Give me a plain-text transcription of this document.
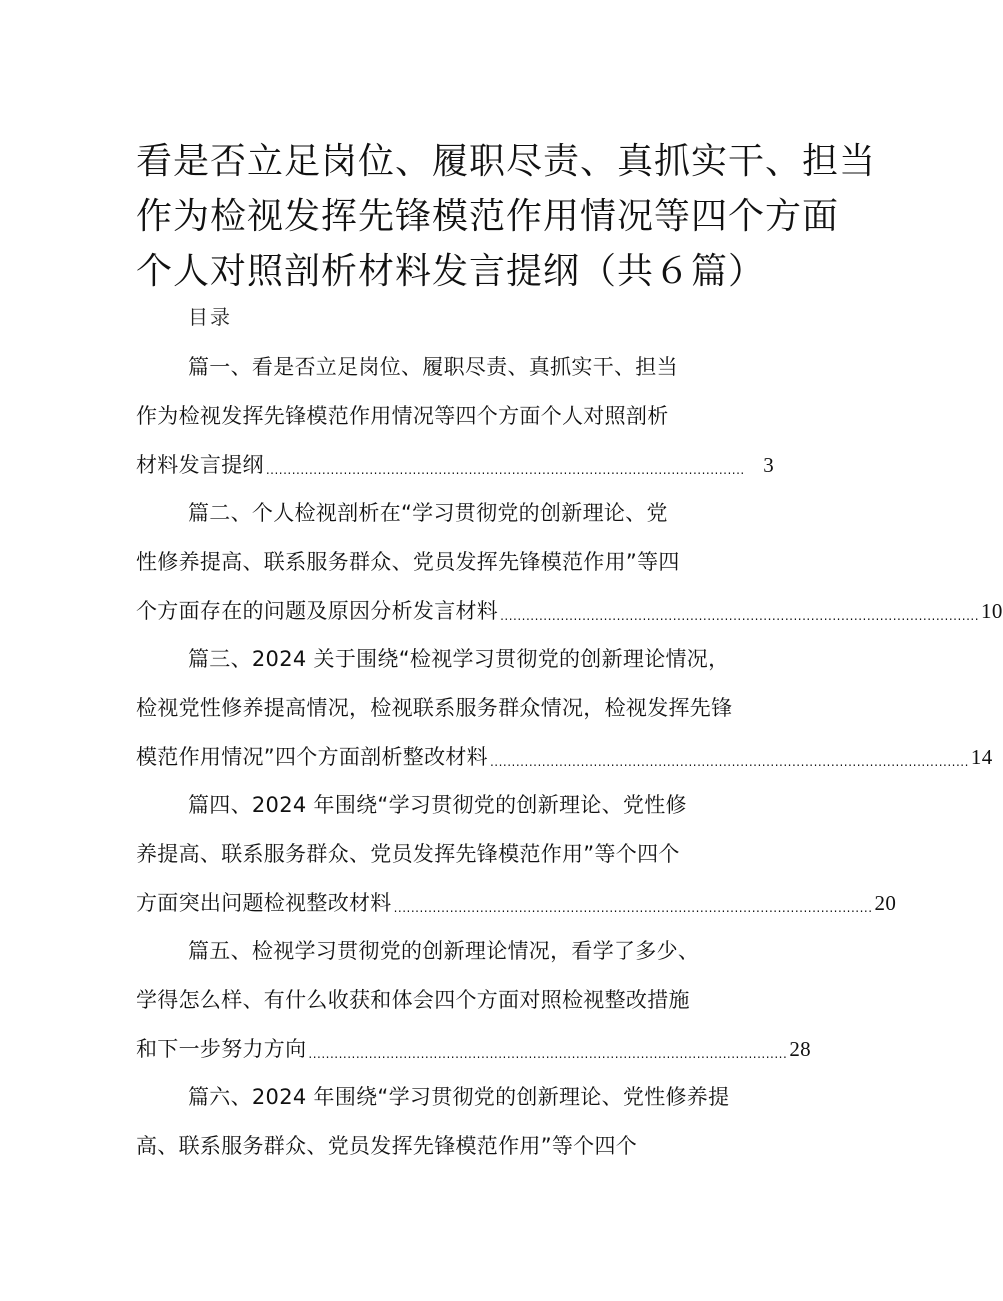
看是否立足岗位、履职尽责、真抓实干、担当
作为检视发挥先锋模范作用情况等四个方面
个人对照剖析材料发言提纲（共６篇）
目录
篇一、看是否立足岗位、履职尽责、真抓实干、担当
作为检视发挥先锋模范作用情况等四个方面个人对照剖析
材料发言提纲 ............................................................................................................... 3
篇二、个人检视剖析在“学习贯彻党的创新理论、党
性修养提高、联系服务群众、党员发挥先锋模范作用”等四
个方面存在的问题及原因分析发言材料 ............................................................................................................... 10
篇三、2024 关于围绕“检视学习贯彻党的创新理论情况，
检视党性修养提高情况，检视联系服务群众情况，检视发挥先锋
模范作用情况”四个方面剖析整改材料 ............................................................................................................... 14
篇四、2024 年围绕“学习贯彻党的创新理论、党性修
养提高、联系服务群众、党员发挥先锋模范作用”等个四个
方面突出问题检视整改材料 ............................................................................................................... 20
篇五、检视学习贯彻党的创新理论情况，看学了多少、
学得怎么样、有什么收获和体会四个方面对照检视整改措施
和下一步努力方向 ............................................................................................................... 28
篇六、2024 年围绕“学习贯彻党的创新理论、党性修养提
高、联系服务群众、党员发挥先锋模范作用”等个四个
